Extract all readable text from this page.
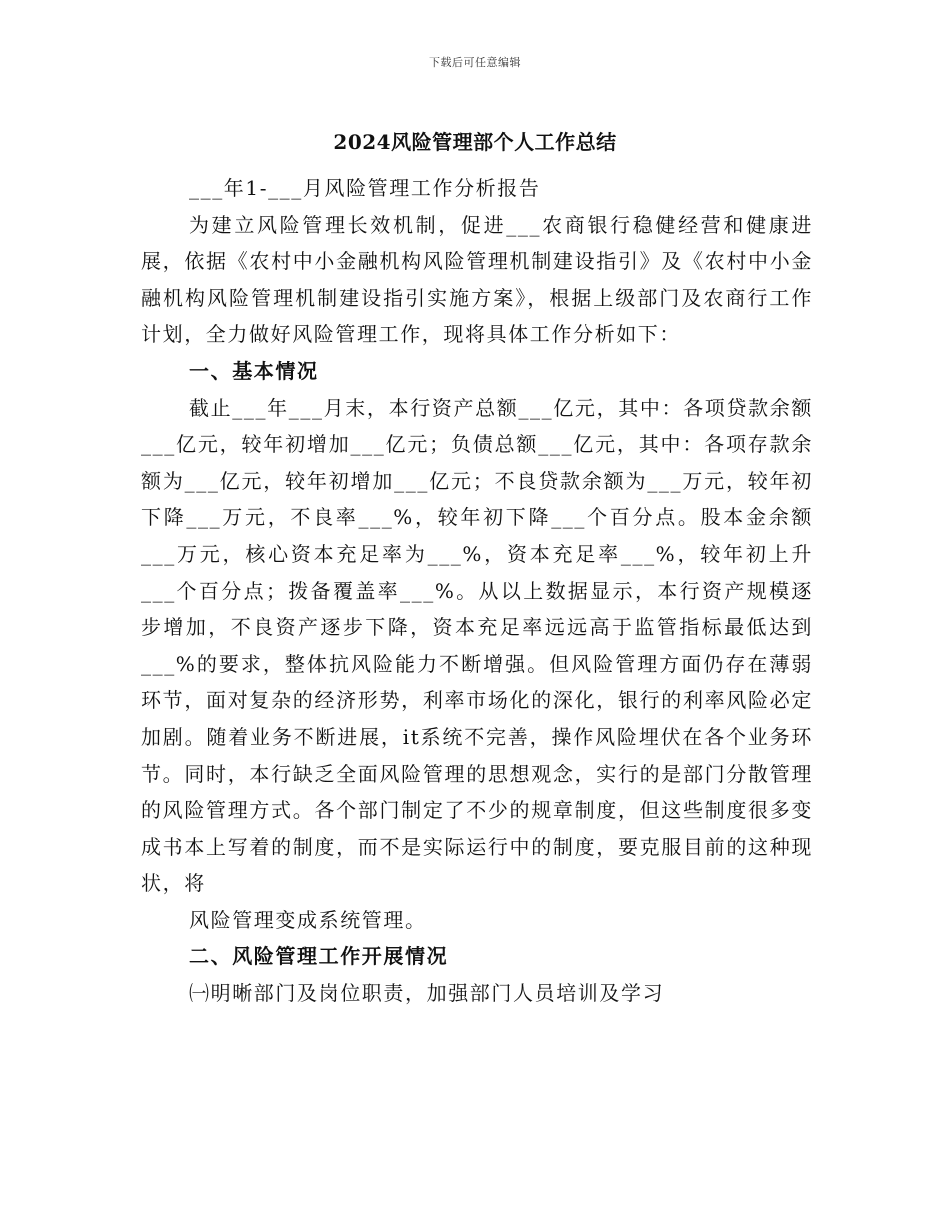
下载后可任意编辑
2024风险管理部个人工作总结

___年1-___月风险管理工作分析报告

为建立风险管理长效机制，促进___农商银行稳健经营和健康进展，依据《农村中小金融机构风险管理机制建设指引》及《农村中小金融机构风险管理机制建设指引实施方案》，根据上级部门及农商行工作计划，全力做好风险管理工作，现将具体工作分析如下：

一、基本情况

截止___年___月末，本行资产总额___亿元，其中：各项贷款余额___亿元，较年初增加___亿元；负债总额___亿元，其中：各项存款余额为___亿元，较年初增加___亿元；不良贷款余额为___万元，较年初下降___万元，不良率___%，较年初下降___个百分点。股本金余额___万元，核心资本充足率为___%，资本充足率___%，较年初上升___个百分点；拨备覆盖率___%。从以上数据显示，本行资产规模逐步增加，不良资产逐步下降，资本充足率远远高于监管指标最低达到___%的要求，整体抗风险能力不断增强。但风险管理方面仍存在薄弱环节，面对复杂的经济形势，利率市场化的深化，银行的利率风险必定加剧。随着业务不断进展，it系统不完善，操作风险埋伏在各个业务环节。同时，本行缺乏全面风险管理的思想观念，实行的是部门分散管理的风险管理方式。各个部门制定了不少的规章制度，但这些制度很多变成书本上写着的制度，而不是实际运行中的制度，要克服目前的这种现状，将

风险管理变成系统管理。

二、风险管理工作开展情况

㈠明晰部门及岗位职责，加强部门人员培训及学习
